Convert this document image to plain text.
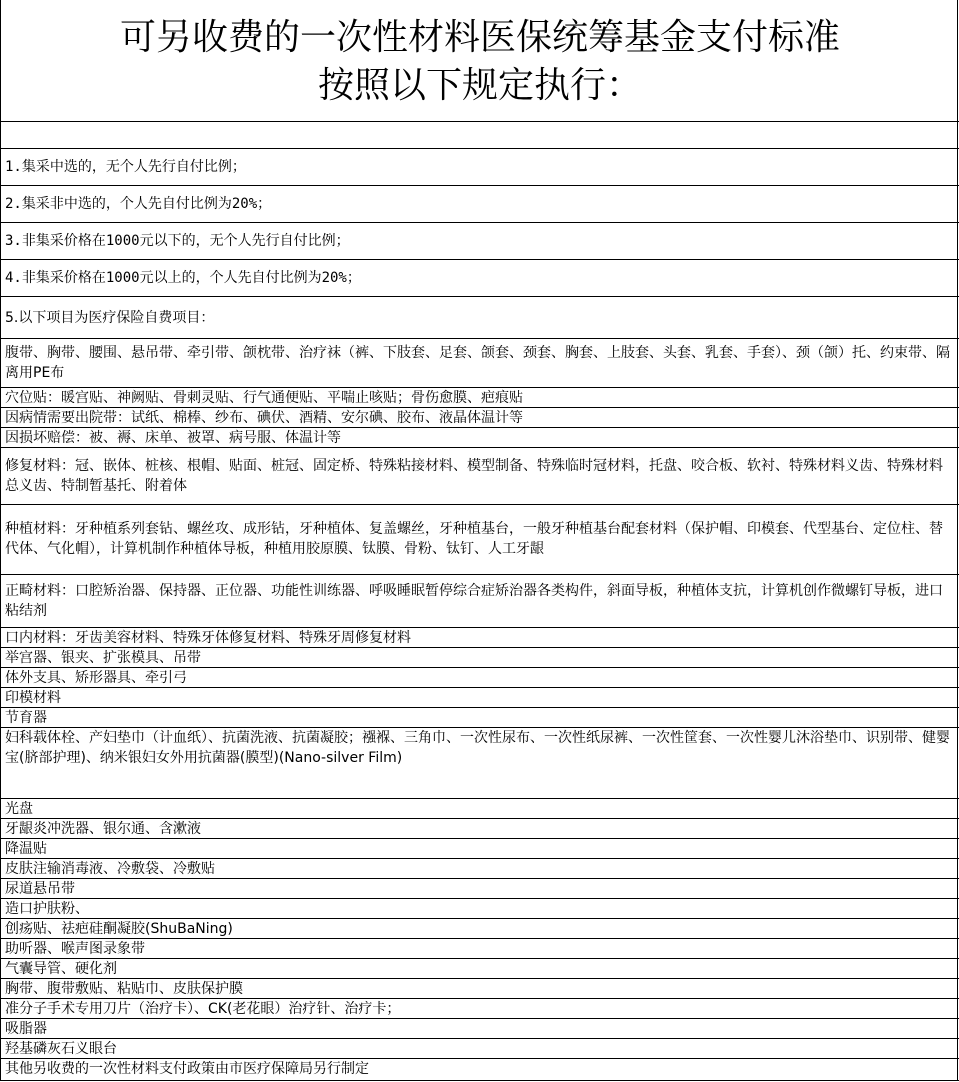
可另收费的一次性材料医保统筹基金支付标准
按照以下规定执行：
1.集采中选的，无个人先行自付比例；
2.集采非中选的，个人先自付比例为20%；
3.非集采价格在1000元以下的，无个人先行自付比例；
4.非集采价格在1000元以上的，个人先自付比例为20%；
5.以下项目为医疗保险自费项目：
腹带、胸带、腰围、悬吊带、牵引带、颌枕带、治疗袜（裤、下肢套、足套、颌套、颈套、胸套、上肢套、头套、乳套、手套）、颈（颌）托、约束带、隔离用PE布
穴位贴：暖宫贴、神阙贴、骨刺灵贴、行气通便贴、平喘止咳贴；骨伤愈膜、疤痕贴
因病情需要出院带：试纸、棉棒、纱布、碘伏、酒精、安尔碘、胶布、液晶体温计等
因损坏赔偿：被、褥、床单、被罩、病号服、体温计等
修复材料：冠、嵌体、桩核、根帽、贴面、桩冠、固定桥、特殊粘接材料、模型制备、特殊临时冠材料，托盘、咬合板、软衬、特殊材料义齿、特殊材料总义齿、特制暂基托、附着体
种植材料：牙种植系列套钻、螺丝攻、成形钻，牙种植体、复盖螺丝，牙种植基台，一般牙种植基台配套材料（保护帽、印模套、代型基台、定位柱、替代体、气化帽），计算机制作种植体导板，种植用胶原膜、钛膜、骨粉、钛钉、人工牙龈
正畸材料：口腔矫治器、保持器、正位器、功能性训练器、呼吸睡眠暂停综合症矫治器各类构件，斜面导板，种植体支抗，计算机创作微螺钉导板，进口粘结剂
口内材料：牙齿美容材料、特殊牙体修复材料、特殊牙周修复材料
举宫器、银夹、扩张模具、吊带
体外支具、矫形器具、牵引弓
印模材料
节育器
妇科载体栓、产妇垫巾（计血纸）、抗菌洗液、抗菌凝胶；襁褓、三角巾、一次性尿布、一次性纸尿裤、一次性筐套、一次性婴儿沐浴垫巾、识别带、健婴宝(脐部护理)、纳米银妇女外用抗菌器(膜型)(Nano-silver Film)
光盘
牙龈炎冲洗器、银尔通、含漱液
降温贴
皮肤注输消毒液、冷敷袋、冷敷贴
尿道悬吊带
造口护肤粉、
创疡贴、祛疤硅酮凝胶(ShuBaNing)
助听器、喉声图录象带
气囊导管、硬化剂
胸带、腹带敷贴、粘贴巾、皮肤保护膜
准分子手术专用刀片（治疗卡）、CK(老花眼）治疗针、治疗卡；
吸脂器
羟基磷灰石义眼台
其他另收费的一次性材料支付政策由市医疗保障局另行制定
